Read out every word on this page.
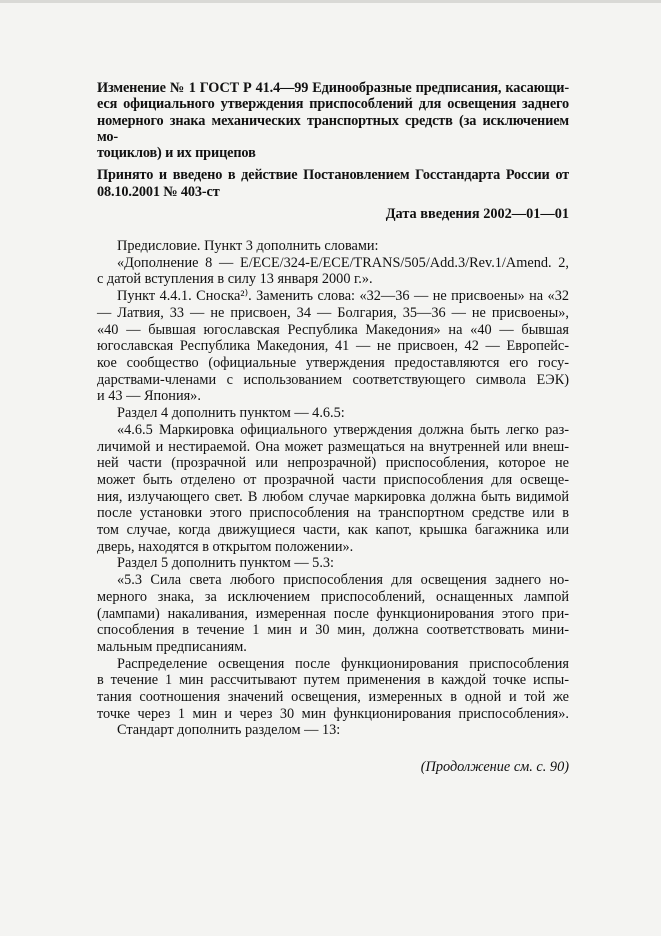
Изменение № 1 ГОСТ Р 41.4—99 Единообразные предписания, касающи-
еся официального утверждения приспособлений для освещения заднего
номерного знака механических транспортных средств (за исключением мо-
тоциклов) и их прицепов
Принято и введено в действие Постановлением Госстандарта России от
08.10.2001 № 403-ст
Дата введения 2002—01—01
Предисловие. Пункт 3 дополнить словами:
«Дополнение 8 — E/ECE/324-E/ECE/TRANS/505/Add.3/Rev.1/Amend. 2,
с датой вступления в силу 13 января 2000 г.».
Пункт 4.4.1. Сноска²⁾. Заменить слова: «32—36 — не присвоены» на «32
— Латвия, 33 — не присвоен, 34 — Болгария, 35—36 — не присвоены»,
«40 — бывшая югославская Республика Македония» на «40 — бывшая
югославская Республика Македония, 41 — не присвоен, 42 — Европейс-
кое сообщество (официальные утверждения предоставляются его госу-
дарствами-членами с использованием соответствующего символа ЕЭК)
и 43 — Япония».
Раздел 4 дополнить пунктом — 4.6.5:
«4.6.5 Маркировка официального утверждения должна быть легко раз-
личимой и нестираемой. Она может размещаться на внутренней или внеш-
ней части (прозрачной или непрозрачной) приспособления, которое не
может быть отделено от прозрачной части приспособления для освеще-
ния, излучающего свет. В любом случае маркировка должна быть видимой
после установки этого приспособления на транспортном средстве или в
том случае, когда движущиеся части, как капот, крышка багажника или
дверь, находятся в открытом положении».
Раздел 5 дополнить пунктом — 5.3:
«5.3 Сила света любого приспособления для освещения заднего но-
мерного знака, за исключением приспособлений, оснащенных лампой
(лампами) накаливания, измеренная после функционирования этого при-
способления в течение 1 мин и 30 мин, должна соответствовать мини-
мальным предписаниям.
Распределение освещения после функционирования приспособления
в течение 1 мин рассчитывают путем применения в каждой точке испы-
тания соотношения значений освещения, измеренных в одной и той же
точке через 1 мин и через 30 мин функционирования приспособления».
Стандарт дополнить разделом — 13:
(Продолжение см. с. 90)
